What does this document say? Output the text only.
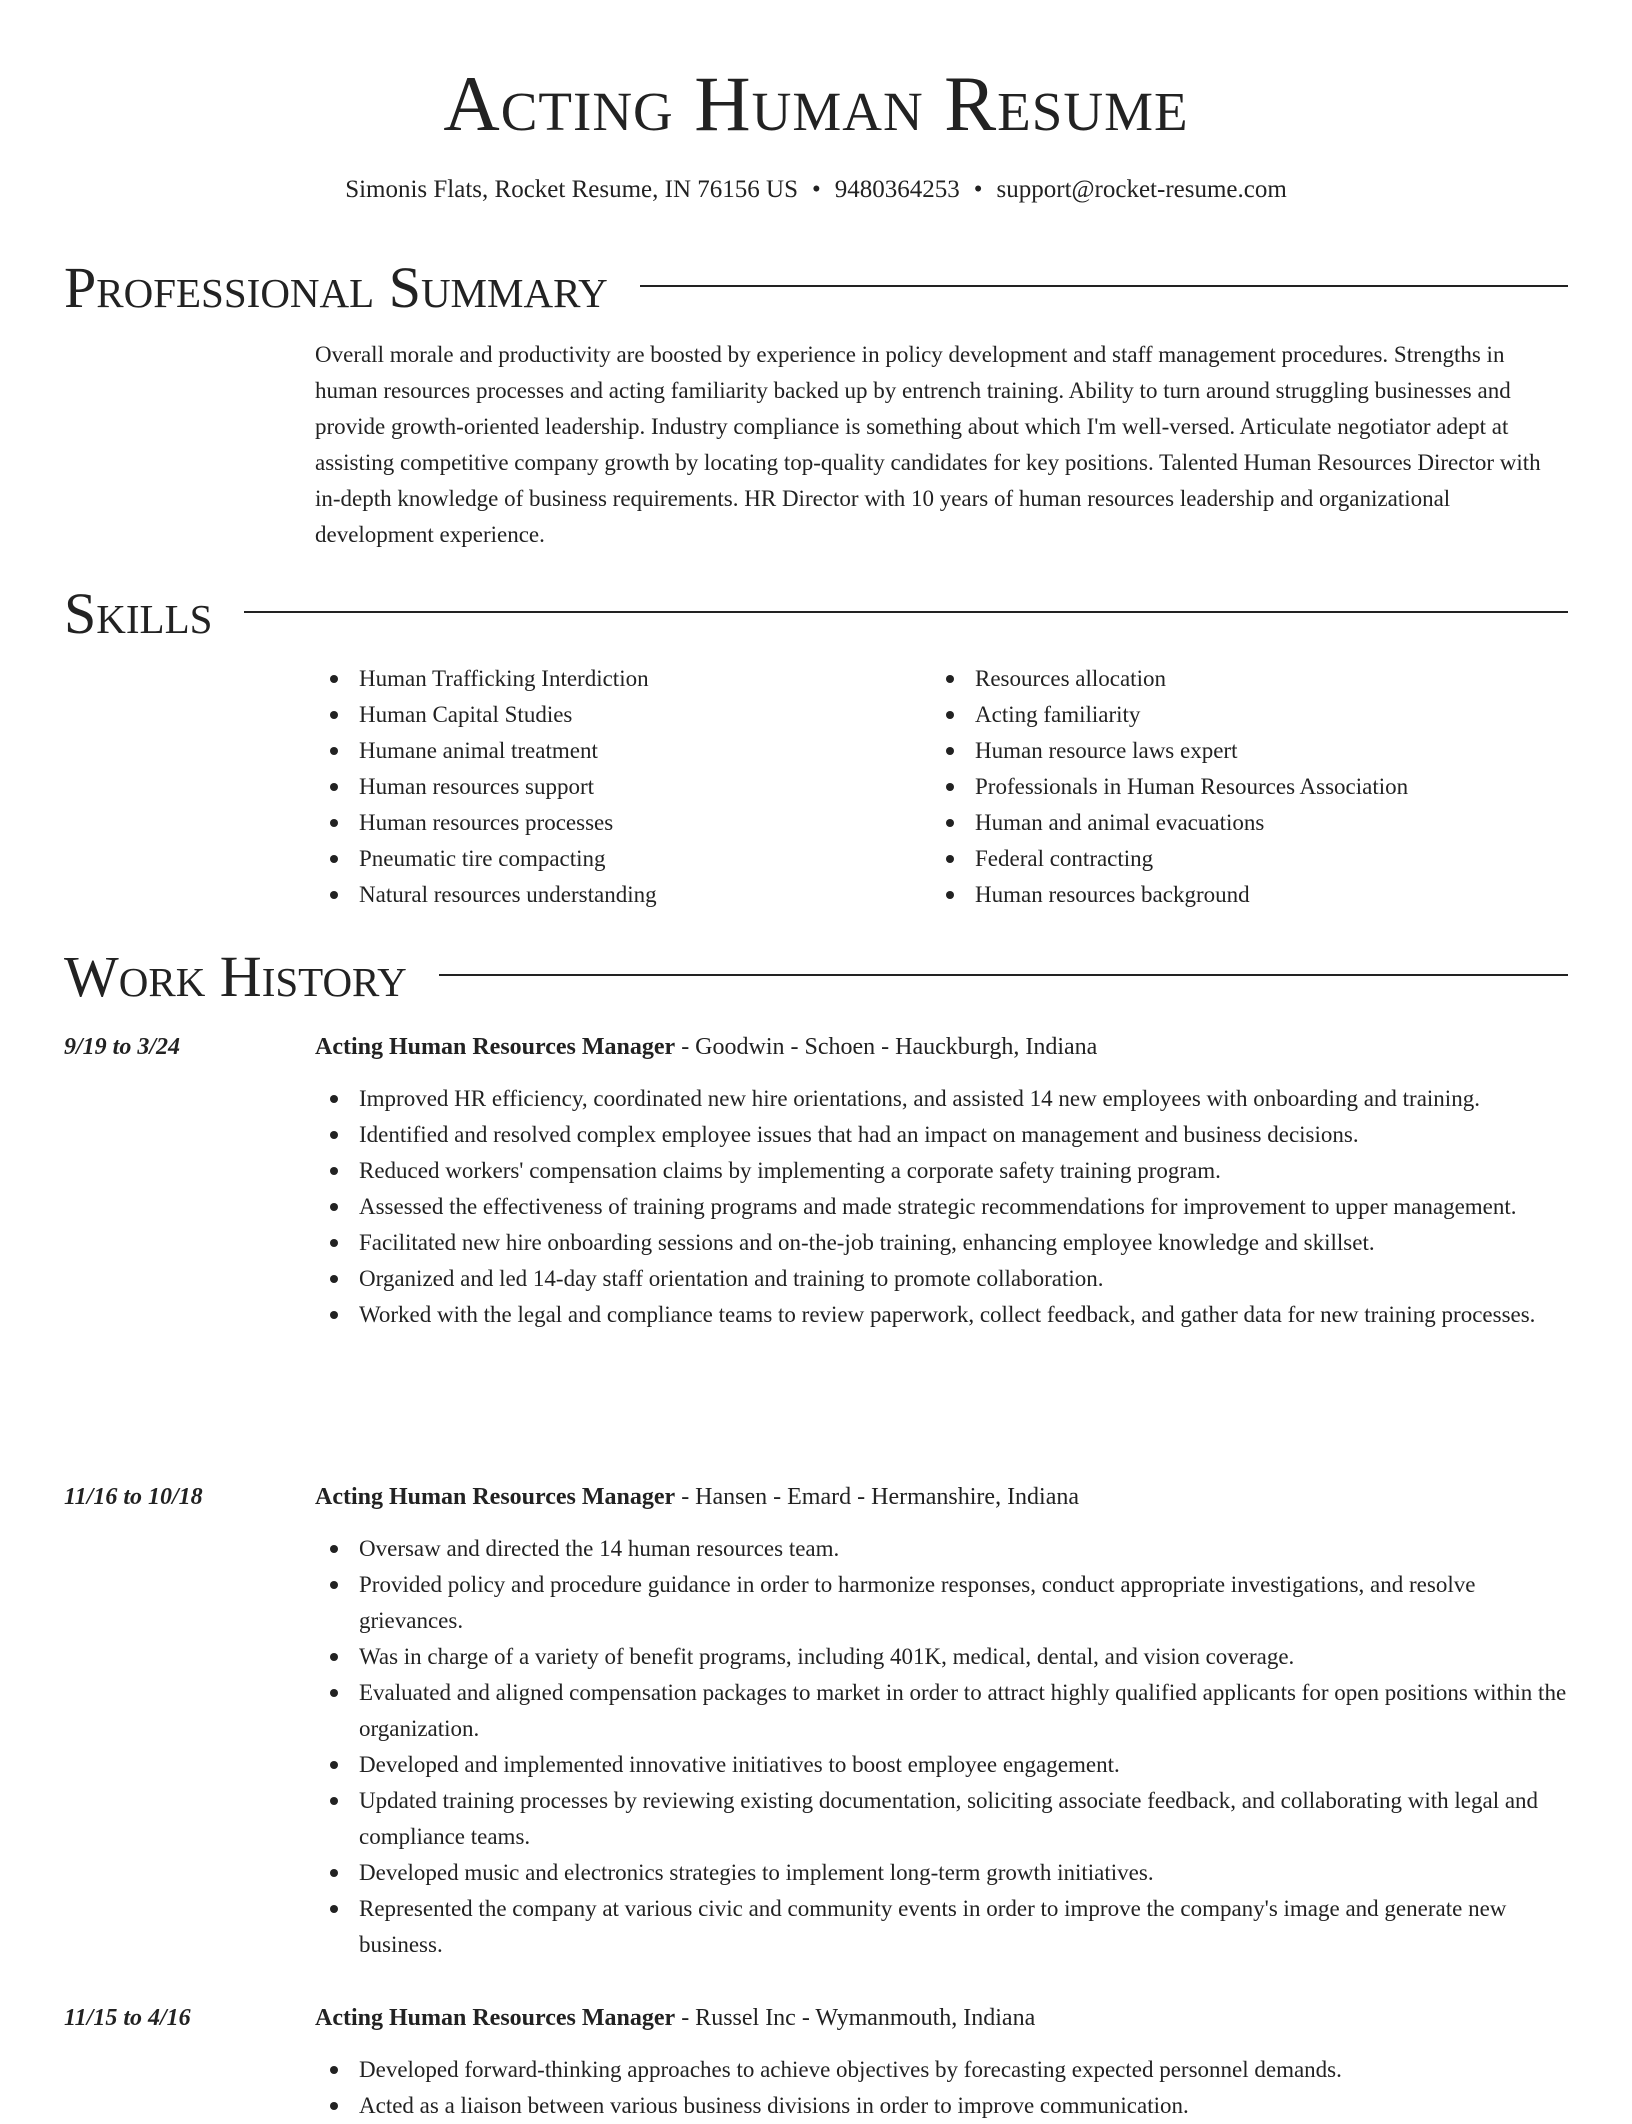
Acting Human Resume
Simonis Flats, Rocket Resume, IN 76156 US • 9480364253 • support@rocket-resume.com
Professional Summary
Overall morale and productivity are boosted by experience in policy development and staff management procedures. Strengths in human resources processes and acting familiarity backed up by entrench training. Ability to turn around struggling businesses and provide growth-oriented leadership. Industry compliance is something about which I'm well-versed. Articulate negotiator adept at assisting competitive company growth by locating top-quality candidates for key positions. Talented Human Resources Director with in-depth knowledge of business requirements. HR Director with 10 years of human resources leadership and organizational development experience.
Skills
Human Trafficking Interdiction
Human Capital Studies
Humane animal treatment
Human resources support
Human resources processes
Pneumatic tire compacting
Natural resources understanding
Resources allocation
Acting familiarity
Human resource laws expert
Professionals in Human Resources Association
Human and animal evacuations
Federal contracting
Human resources background
Work History
9/19 to 3/24	Acting Human Resources Manager - Goodwin - Schoen - Hauckburgh, Indiana
Improved HR efficiency, coordinated new hire orientations, and assisted 14 new employees with onboarding and training.
Identified and resolved complex employee issues that had an impact on management and business decisions.
Reduced workers' compensation claims by implementing a corporate safety training program.
Assessed the effectiveness of training programs and made strategic recommendations for improvement to upper management.
Facilitated new hire onboarding sessions and on-the-job training, enhancing employee knowledge and skillset.
Organized and led 14-day staff orientation and training to promote collaboration.
Worked with the legal and compliance teams to review paperwork, collect feedback, and gather data for new training processes.
11/16 to 10/18	Acting Human Resources Manager - Hansen - Emard - Hermanshire, Indiana
Oversaw and directed the 14 human resources team.
Provided policy and procedure guidance in order to harmonize responses, conduct appropriate investigations, and resolve grievances.
Was in charge of a variety of benefit programs, including 401K, medical, dental, and vision coverage.
Evaluated and aligned compensation packages to market in order to attract highly qualified applicants for open positions within the organization.
Developed and implemented innovative initiatives to boost employee engagement.
Updated training processes by reviewing existing documentation, soliciting associate feedback, and collaborating with legal and compliance teams.
Developed music and electronics strategies to implement long-term growth initiatives.
Represented the company at various civic and community events in order to improve the company's image and generate new business.
11/15 to 4/16	Acting Human Resources Manager - Russel Inc - Wymanmouth, Indiana
Developed forward-thinking approaches to achieve objectives by forecasting expected personnel demands.
Acted as a liaison between various business divisions in order to improve communication.
